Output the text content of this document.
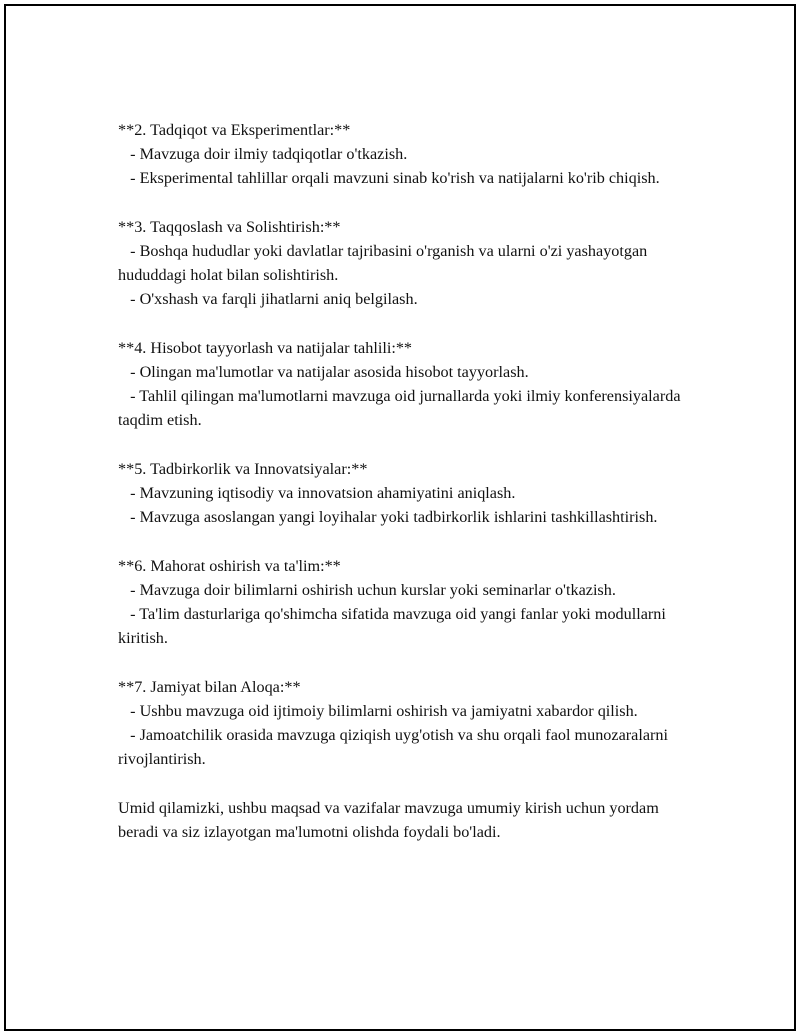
**2. Tadqiqot va Eksperimentlar:**

- Mavzuga doir ilmiy tadqiqotlar o'tkazish.

- Eksperimental tahlillar orqali mavzuni sinab ko'rish va natijalarni ko'rib chiqish.

**3. Taqqoslash va Solishtirish:**

- Boshqa hududlar yoki davlatlar tajribasini o'rganish va ularni o'zi yashayotgan hududdagi holat bilan solishtirish.

- O'xshash va farqli jihatlarni aniq belgilash.

**4. Hisobot tayyorlash va natijalar tahlili:**

- Olingan ma'lumotlar va natijalar asosida hisobot tayyorlash.

- Tahlil qilingan ma'lumotlarni mavzuga oid jurnallarda yoki ilmiy konferensiyalarda taqdim etish.

**5. Tadbirkorlik va Innovatsiyalar:**

- Mavzuning iqtisodiy va innovatsion ahamiyatini aniqlash.

- Mavzuga asoslangan yangi loyihalar yoki tadbirkorlik ishlarini tashkillashtirish.

**6. Mahorat oshirish va ta'lim:**

- Mavzuga doir bilimlarni oshirish uchun kurslar yoki seminarlar o'tkazish.

- Ta'lim dasturlariga qo'shimcha sifatida mavzuga oid yangi fanlar yoki modullarni kiritish.

**7. Jamiyat bilan Aloqa:**

- Ushbu mavzuga oid ijtimoiy bilimlarni oshirish va jamiyatni xabardor qilish.

- Jamoatchilik orasida mavzuga qiziqish uyg'otish va shu orqali faol munozaralarni rivojlantirish.

Umid qilamizki, ushbu maqsad va vazifalar mavzuga umumiy kirish uchun yordam beradi va siz izlayotgan ma'lumotni olishda foydali bo'ladi.
